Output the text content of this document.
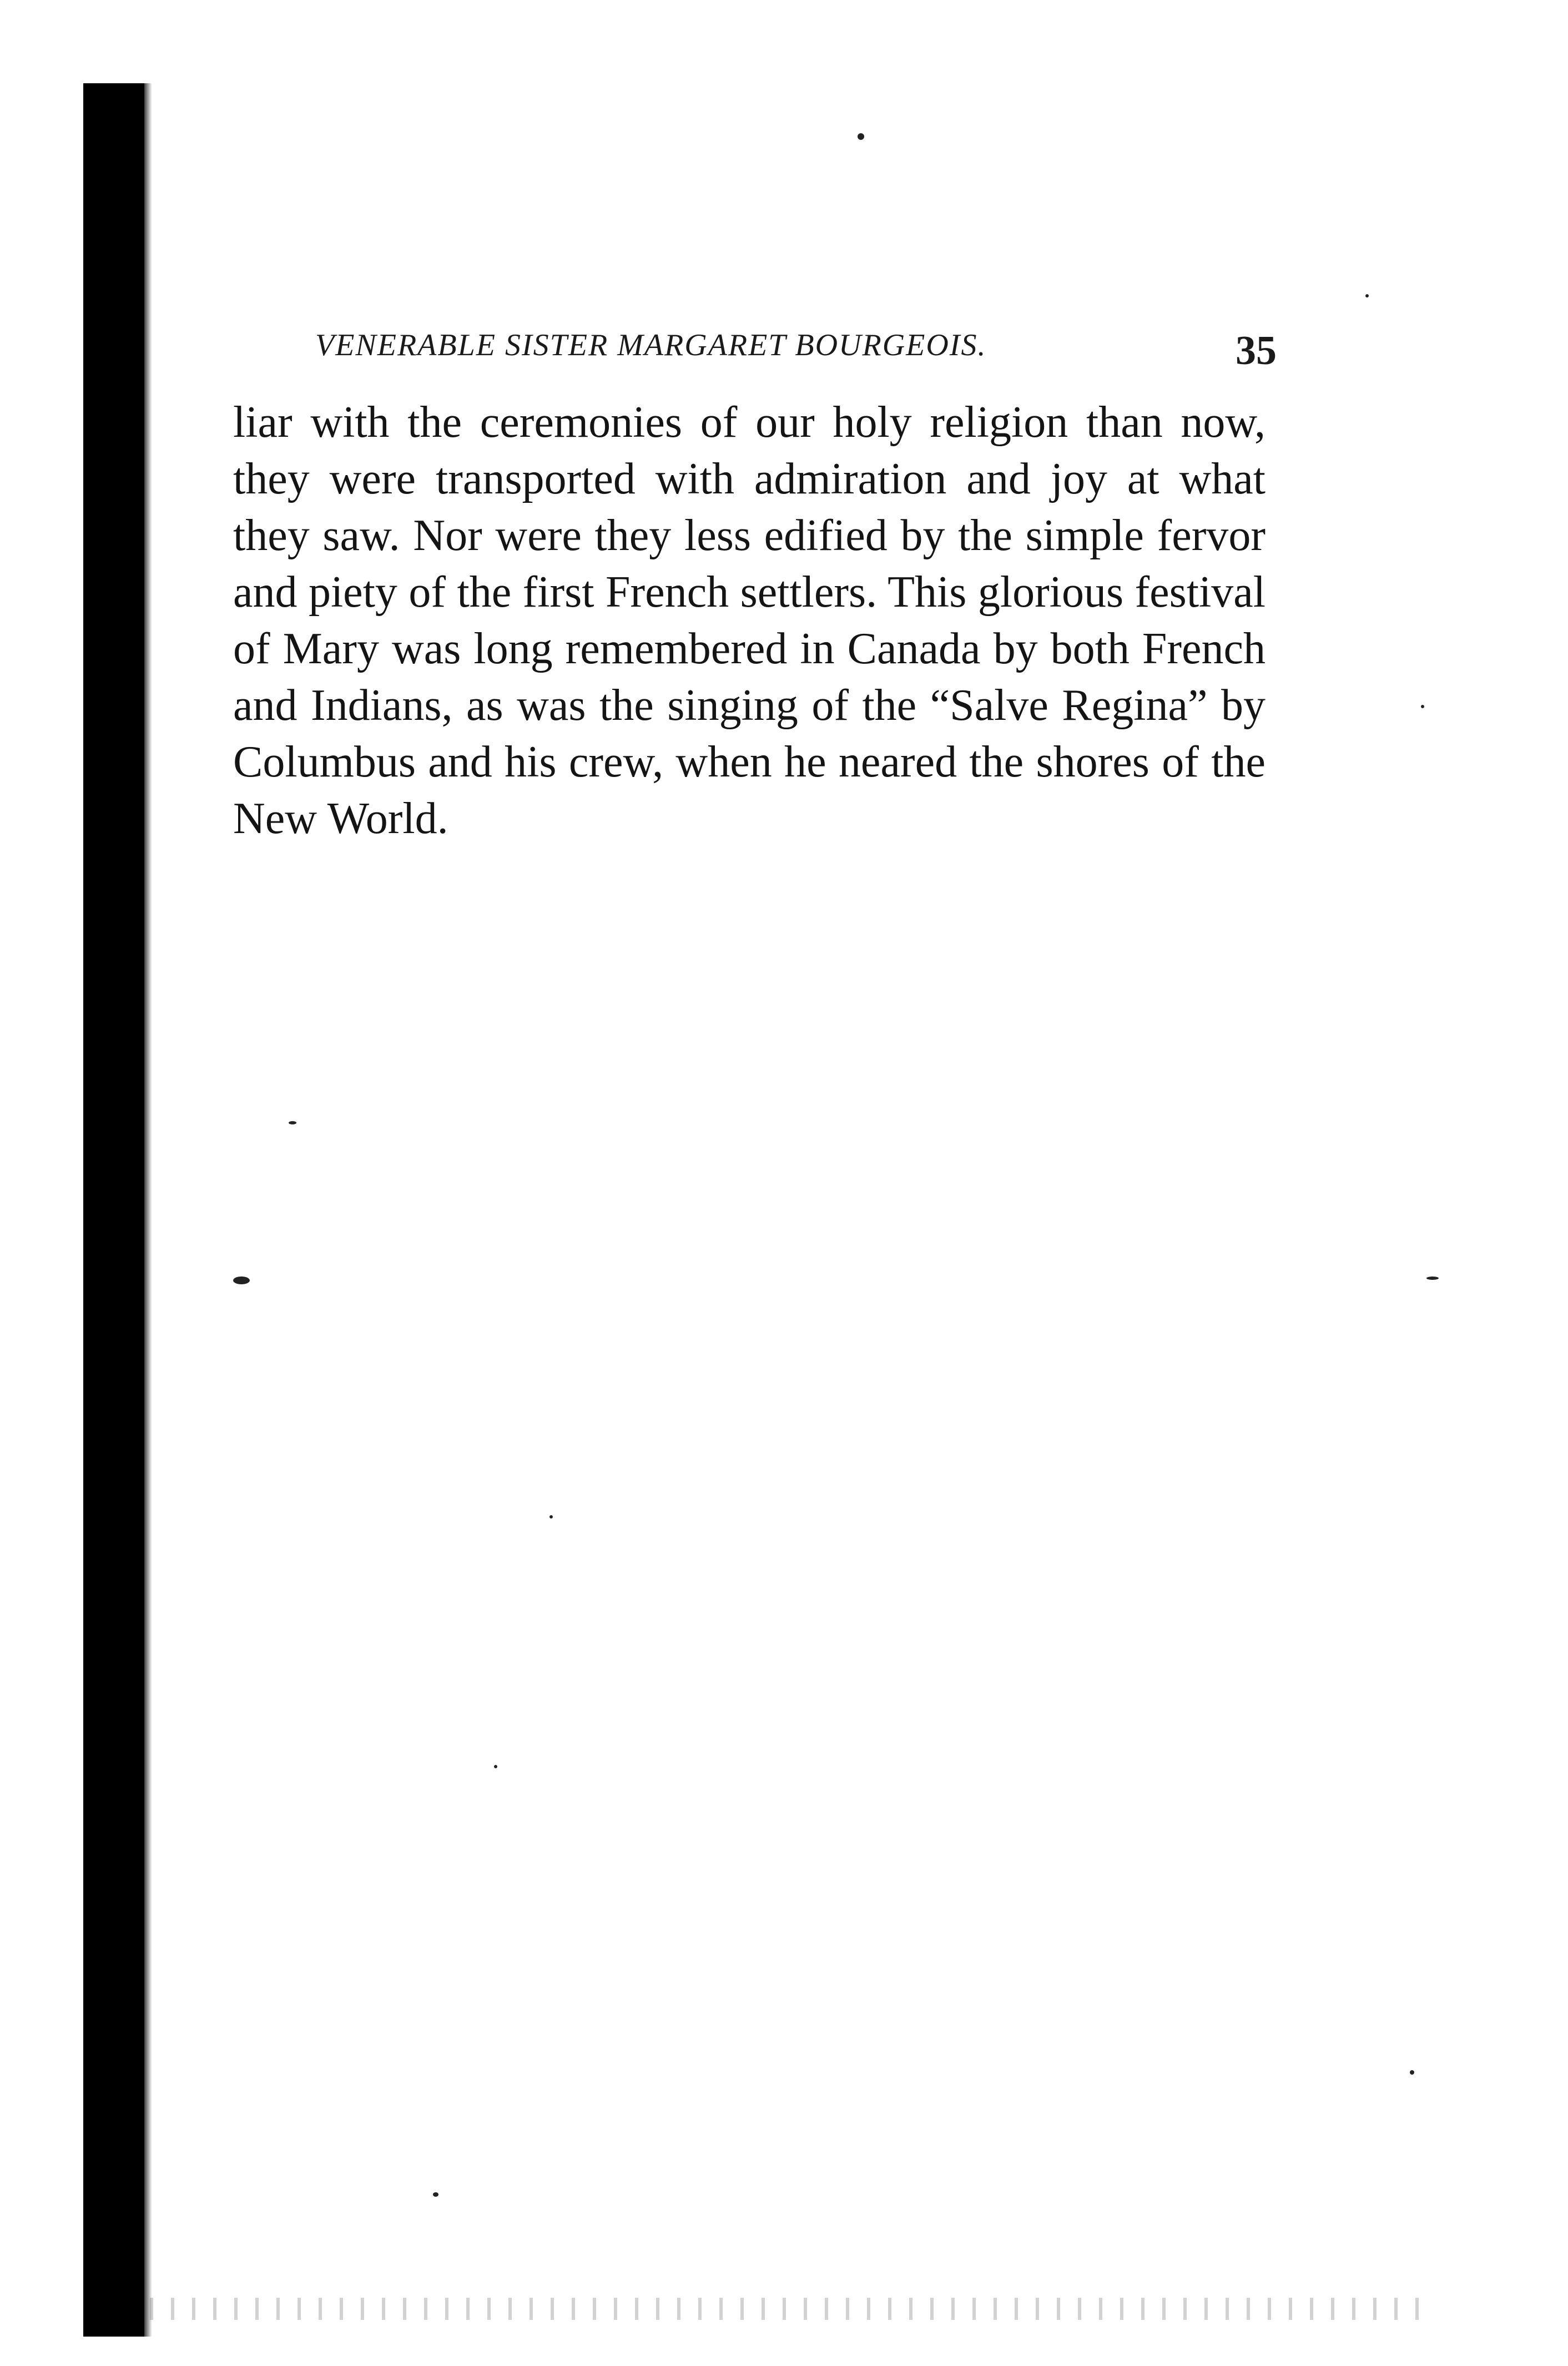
VENERABLE SISTER MARGARET BOURGEOIS.	35

liar with the ceremonies of our holy religion than now, they were transported with admiration and joy at what they saw. Nor were they less edified by the simple fervor and piety of the first French settlers. This glorious festival of Mary was long remembered in Canada by both French and Indians, as was the singing of the “Salve Regina” by Columbus and his crew, when he neared the shores of the New World.
